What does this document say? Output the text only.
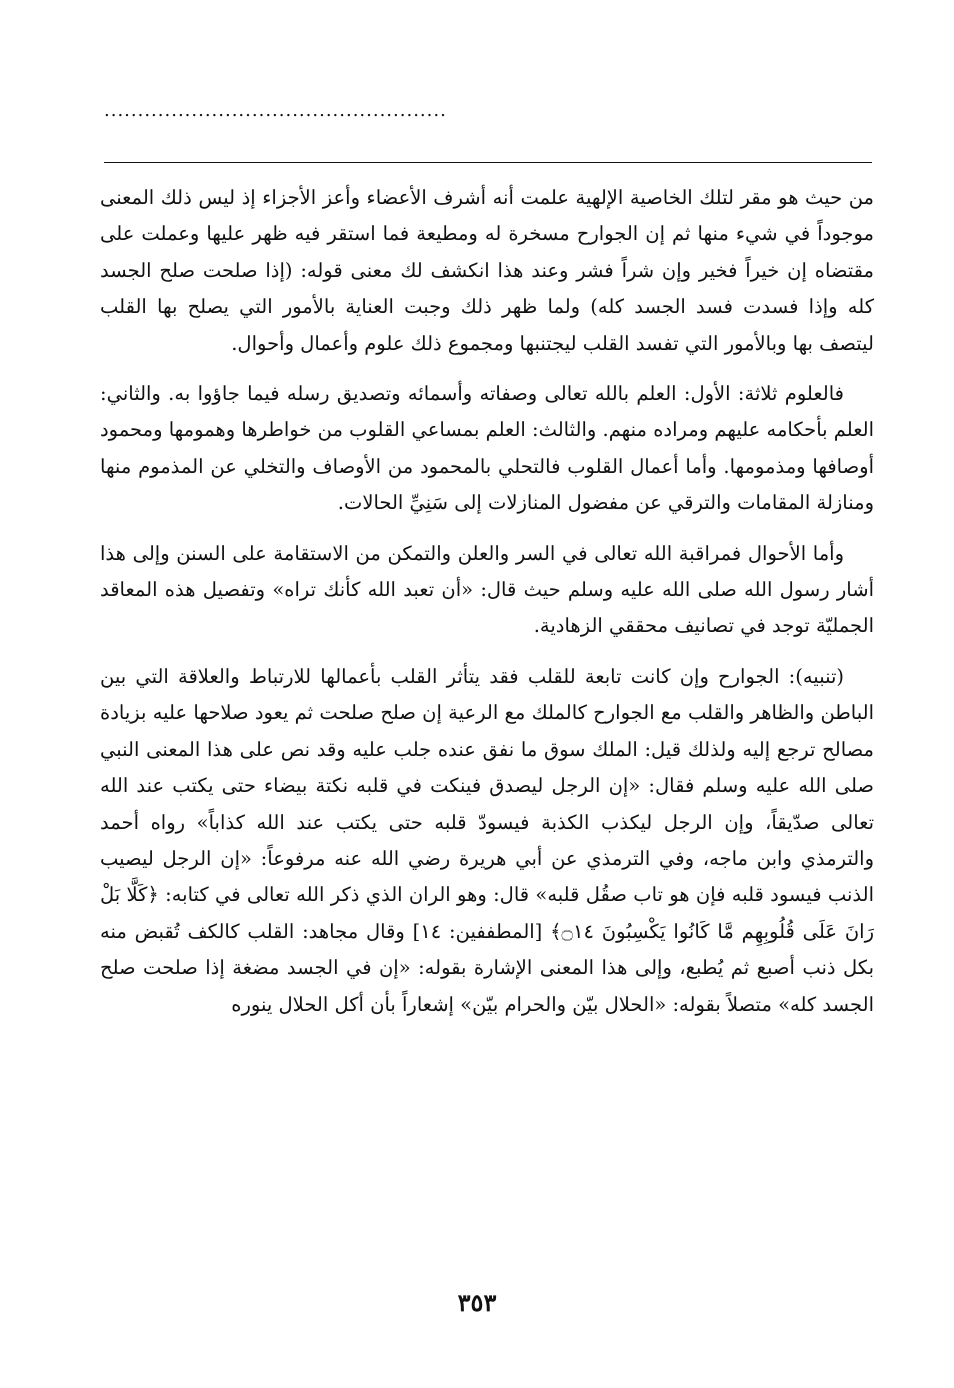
...................................................

من حيث هو مقر لتلك الخاصية الإلهية علمت أنه أشرف الأعضاء وأعز الأجزاء إذ ليس ذلك المعنى موجوداً في شيء منها ثم إن الجوارح مسخرة له ومطيعة فما استقر فيه ظهر عليها وعملت على مقتضاه إن خيراً فخير وإن شراً فشر وعند هذا انكشف لك معنى قوله: (إذا صلحت صلح الجسد كله وإذا فسدت فسد الجسد كله) ولما ظهر ذلك وجبت العناية بالأمور التي يصلح بها القلب ليتصف بها وبالأمور التي تفسد القلب ليجتنبها ومجموع ذلك علوم وأعمال وأحوال.

فالعلوم ثلاثة: الأول: العلم بالله تعالى وصفاته وأسمائه وتصديق رسله فيما جاؤوا به. والثاني: العلم بأحكامه عليهم ومراده منهم. والثالث: العلم بمساعي القلوب من خواطرها وهمومها ومحمود أوصافها ومذمومها. وأما أعمال القلوب فالتحلي بالمحمود من الأوصاف والتخلي عن المذموم منها ومنازلة المقامات والترقي عن مفضول المنازلات إلى سَنِيِّ الحالات.

وأما الأحوال فمراقبة الله تعالى في السر والعلن والتمكن من الاستقامة على السنن وإلى هذا أشار رسول الله صلى الله عليه وسلم حيث قال: «أن تعبد الله كأنك تراه» وتفصيل هذه المعاقد الجمليّة توجد في تصانيف محققي الزهادية.

(تنبيه): الجوارح وإن كانت تابعة للقلب فقد يتأثر القلب بأعمالها للارتباط والعلاقة التي بين الباطن والظاهر والقلب مع الجوارح كالملك مع الرعية إن صلح صلحت ثم يعود صلاحها عليه بزيادة مصالح ترجع إليه ولذلك قيل: الملك سوق ما نفق عنده جلب عليه وقد نص على هذا المعنى النبي صلى الله عليه وسلم فقال: «إن الرجل ليصدق فينكت في قلبه نكتة بيضاء حتى يكتب عند الله تعالى صدّيقاً، وإن الرجل ليكذب الكذبة فيسودّ قلبه حتى يكتب عند الله كذاباً» رواه أحمد والترمذي وابن ماجه، وفي الترمذي عن أبي هريرة رضي الله عنه مرفوعاً: «إن الرجل ليصيب الذنب فيسود قلبه فإن هو تاب صقُل قلبه» قال: وهو الران الذي ذكر الله تعالى في كتابه: ﴿كَلَّا بَلْ رَانَ عَلَى قُلُوبِهِم مَّا كَانُوا يَكْسِبُونَ ۝١٤﴾ [المطففين: ١٤] وقال مجاهد: القلب كالكف تُقبض منه بكل ذنب أصبع ثم يُطبع، وإلى هذا المعنى الإشارة بقوله: «إن في الجسد مضغة إذا صلحت صلح الجسد كله» متصلاً بقوله: «الحلال بيّن والحرام بيّن» إشعاراً بأن أكل الحلال ينوره

٣٥٣
